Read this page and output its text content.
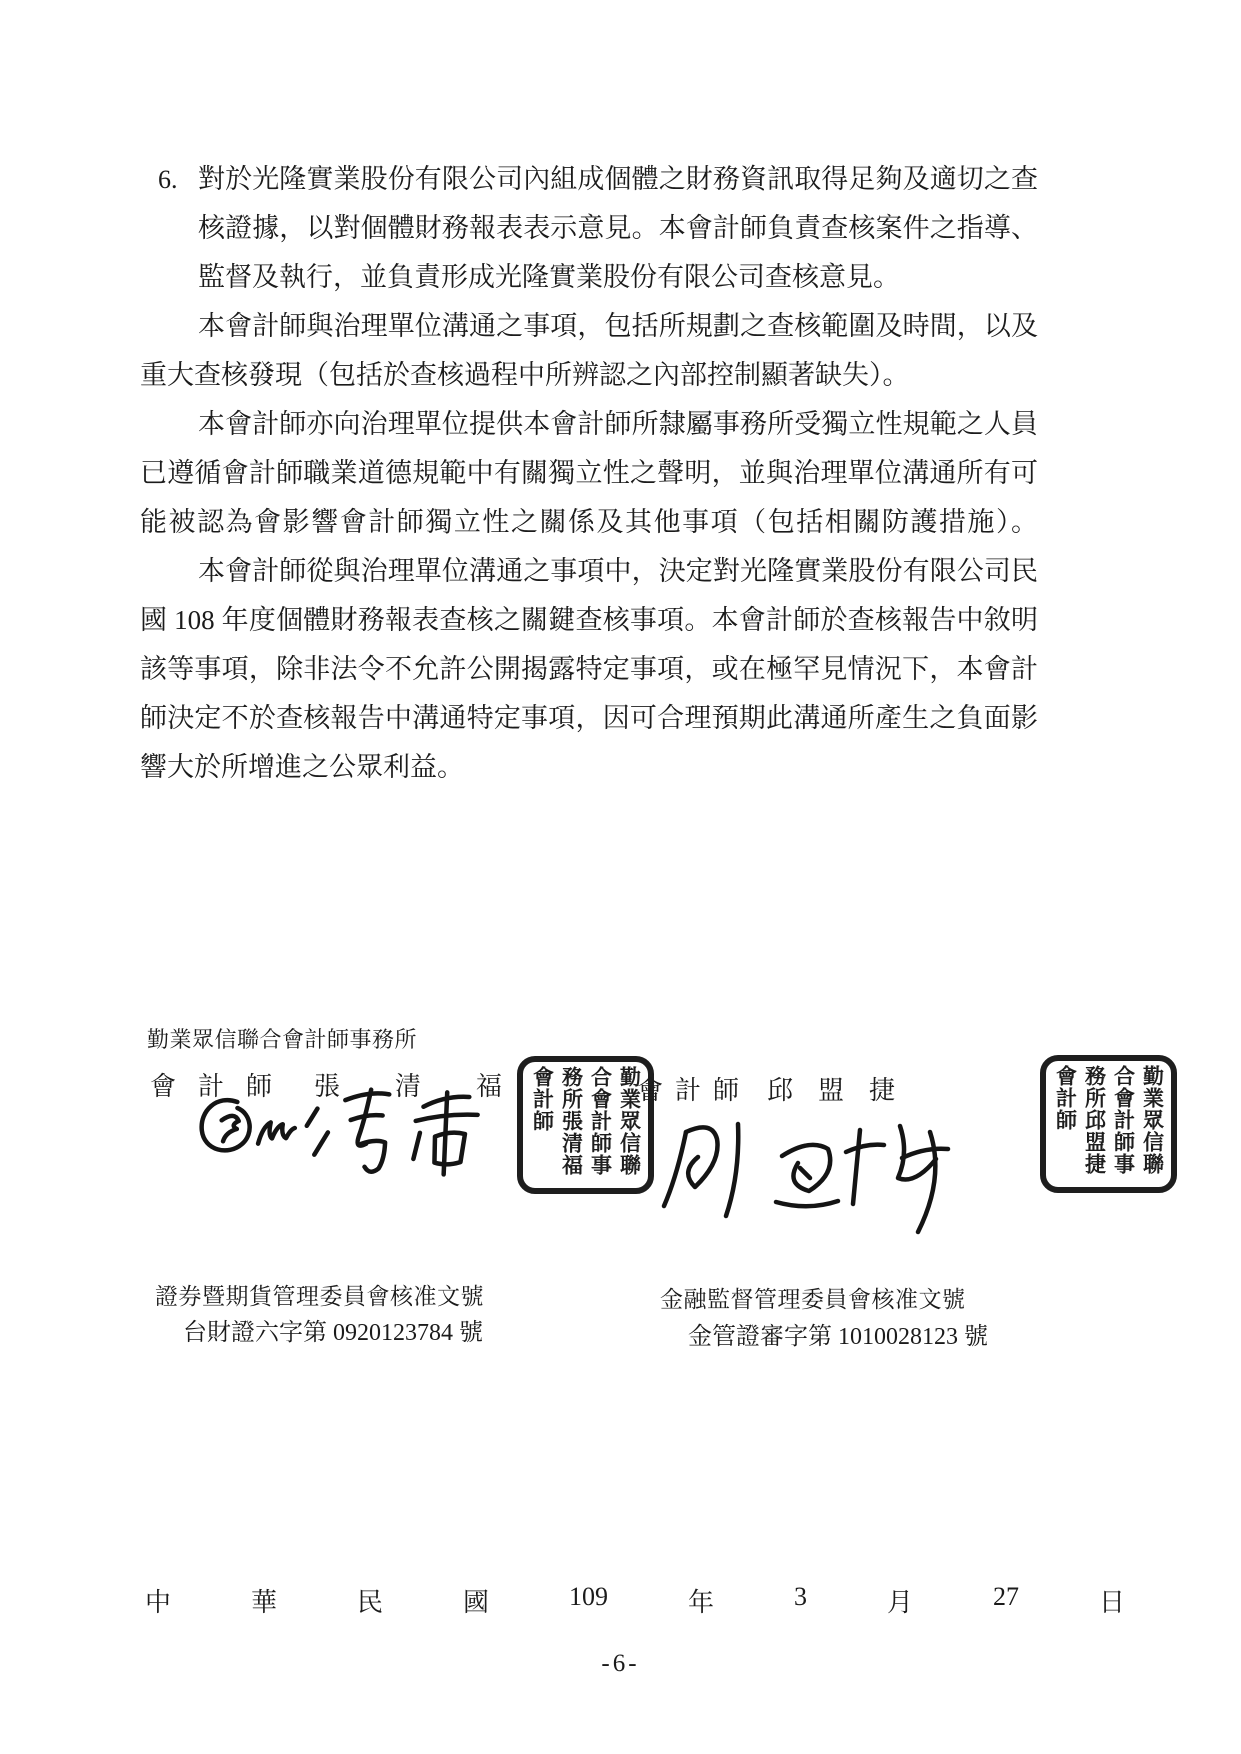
6. 對於光隆實業股份有限公司內組成個體之財務資訊取得足夠及適切之查
核證據，以對個體財務報表表示意見。本會計師負責查核案件之指導、
監督及執行，並負責形成光隆實業股份有限公司查核意見。
本會計師與治理單位溝通之事項，包括所規劃之查核範圍及時間，以及
重大查核發現（包括於查核過程中所辨認之內部控制顯著缺失）。
本會計師亦向治理單位提供本會計師所隸屬事務所受獨立性規範之人員
已遵循會計師職業道德規範中有關獨立性之聲明，並與治理單位溝通所有可
能被認為會影響會計師獨立性之關係及其他事項（包括相關防護措施）。
本會計師從與治理單位溝通之事項中，決定對光隆實業股份有限公司民
國 108 年度個體財務報表查核之關鍵查核事項。本會計師於查核報告中敘明
該等事項，除非法令不允許公開揭露特定事項，或在極罕見情況下，本會計
師決定不於查核報告中溝通特定事項，因可合理預期此溝通所產生之負面影
響大於所增進之公眾利益。
勤業眾信聯合會計師事務所
會 計 師 張 清 福	勤業眾信聯合會計師事務所張清福會計師	會 計 師 邱 盟 捷	勤業眾信聯合會計師事務所邱盟捷會計師
證券暨期貨管理委員會核准文號
台財證六字第 0920123784 號
金融監督管理委員會核准文號
金管證審字第 1010028123 號
中	華	民	國	109	年	3	月	27	日
-6-
